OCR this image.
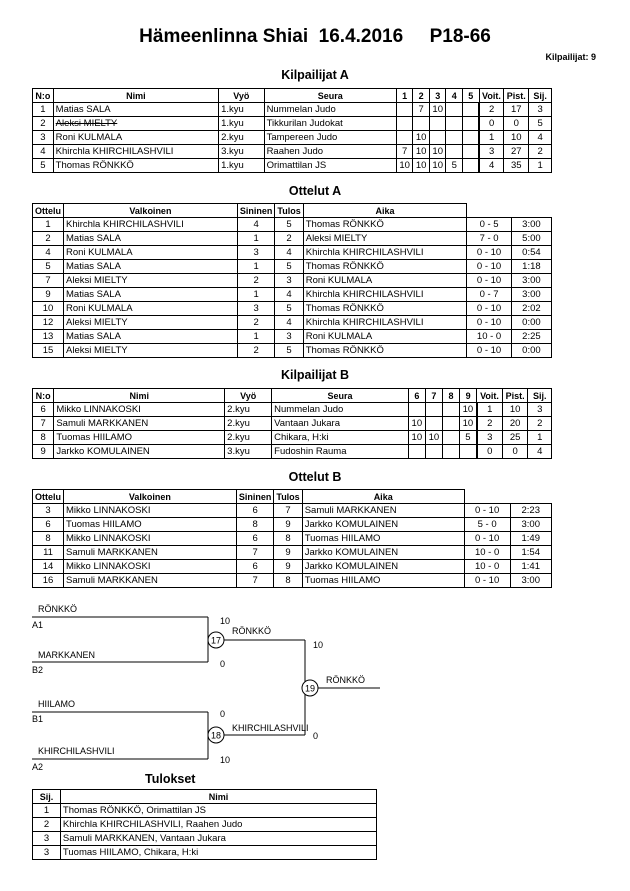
Hämeenlinna Shiai  16.4.2016     P18-66
Kilpailijat: 9
Kilpailijat A
N:o	Nimi	Vyö	Seura	1	2	3	4	5	Voit.	Pist.	Sij.
1	Matias SALA	1.kyu	Nummelan Judo		7	10			2	17	3
2	Aleksi MIELTY	1.kyu	Tikkurilan Judokat						0	0	5
3	Roni KULMALA	2.kyu	Tampereen Judo		10				1	10	4
4	Khirchla KHIRCHILASHVILI	3.kyu	Raahen Judo	7	10	10			3	27	2
5	Thomas RÖNKKÖ	1.kyu	Orimattilan JS	10	10	10	5		4	35	1
Ottelut A
Ottelu	Valkoinen	Sininen	Tulos	Aika		
1	Khirchla KHIRCHILASHVILI	4	5	Thomas RÖNKKÖ	0 - 5	3:00
2	Matias SALA	1	2	Aleksi MIELTY	7 - 0	5:00
4	Roni KULMALA	3	4	Khirchla KHIRCHILASHVILI	0 - 10	0:54
5	Matias SALA	1	5	Thomas RÖNKKÖ	0 - 10	1:18
7	Aleksi MIELTY	2	3	Roni KULMALA	0 - 10	3:00
9	Matias SALA	1	4	Khirchla KHIRCHILASHVILI	0 - 7	3:00
10	Roni KULMALA	3	5	Thomas RÖNKKÖ	0 - 10	2:02
12	Aleksi MIELTY	2	4	Khirchla KHIRCHILASHVILI	0 - 10	0:00
13	Matias SALA	1	3	Roni KULMALA	10 - 0	2:25
15	Aleksi MIELTY	2	5	Thomas RÖNKKÖ	0 - 10	0:00
Kilpailijat B
N:o	Nimi	Vyö	Seura	6	7	8	9	Voit.	Pist.	Sij.
6	Mikko LINNAKOSKI	2.kyu	Nummelan Judo				10	1	10	3
7	Samuli MARKKANEN	2.kyu	Vantaan Jukara	10			10	2	20	2
8	Tuomas HIILAMO	2.kyu	Chikara, H:ki	10	10		5	3	25	1
9	Jarkko KOMULAINEN	3.kyu	Fudoshin Rauma					0	0	4
Ottelut B
Ottelu	Valkoinen	Sininen	Tulos	Aika		
3	Mikko LINNAKOSKI	6	7	Samuli MARKKANEN	0 - 10	2:23
6	Tuomas HIILAMO	8	9	Jarkko KOMULAINEN	5 - 0	3:00
8	Mikko LINNAKOSKI	6	8	Tuomas HIILAMO	0 - 10	1:49
11	Samuli MARKKANEN	7	9	Jarkko KOMULAINEN	10 - 0	1:54
14	Mikko LINNAKOSKI	6	9	Jarkko KOMULAINEN	10 - 0	1:41
16	Samuli MARKKANEN	7	8	Tuomas HIILAMO	0 - 10	3:00
RÖNKKÖ
A1	10
MARKKANEN
B2
0
17
RÖNKKÖ
10
HIILAMO
B1	0
KHIRCHILASHVILI
A2
10
18
KHIRCHILASHVILI
0
19
RÖNKKÖ
Tulokset
Sij.	Nimi
1	Thomas RÖNKKÖ, Orimattilan JS
2	Khirchla KHIRCHILASHVILI, Raahen Judo
3	Samuli MARKKANEN, Vantaan Jukara
3	Tuomas HIILAMO, Chikara, H:ki
